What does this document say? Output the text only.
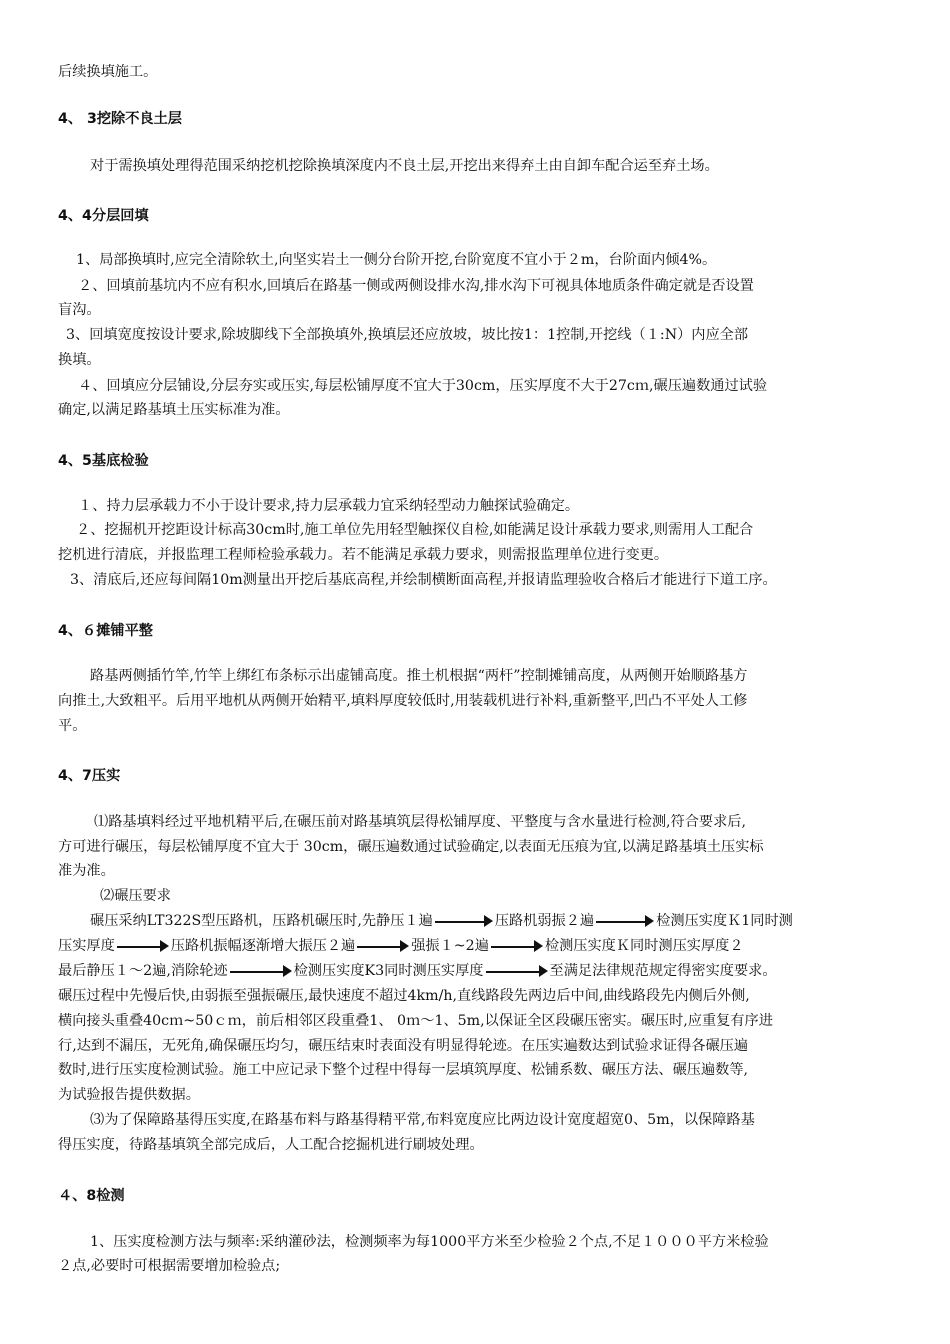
后续换填施工。
4、 3挖除不良土层
对于需换填处理得范围采纳挖机挖除换填深度内不良土层,开挖出来得弃土由自卸车配合运至弃土场。
4、4分层回填
1、局部换填时,应完全清除软土,向坚实岩土一侧分台阶开挖,台阶宽度不宜小于２m，台阶面内倾4%。
２、回填前基坑内不应有积水,回填后在路基一侧或两侧设排水沟,排水沟下可视具体地质条件确定就是否设置
盲沟。
3、回填宽度按设计要求,除坡脚线下全部换填外,换填层还应放坡，坡比按1：1控制,开挖线（１:N）内应全部
换填。
４、回填应分层铺设,分层夯实或压实,每层松铺厚度不宜大于30cm，压实厚度不大于27cｍ,碾压遍数通过试验
确定,以满足路基填土压实标准为准。
4、5基底检验
１、持力层承载力不小于设计要求,持力层承载力宜采纳轻型动力触探试验确定。
２、挖掘机开挖距设计标高30cm时,施工单位先用轻型触探仪自检,如能满足设计承载力要求,则需用人工配合
挖机进行清底，并报监理工程师检验承载力。若不能满足承载力要求，则需报监理单位进行变更。
3、清底后,还应每间隔10m测量出开挖后基底高程,并绘制横断面高程,并报请监理验收合格后才能进行下道工序。
4、６摊铺平整
路基两侧插竹竿,竹竿上绑红布条标示出虚铺高度。推土机根据“两杆”控制摊铺高度，从两侧开始顺路基方
向推土,大致粗平。后用平地机从两侧开始精平,填料厚度较低时,用装载机进行补料,重新整平,凹凸不平处人工修
平。
4、7压实
⑴路基填料经过平地机精平后,在碾压前对路基填筑层得松铺厚度、平整度与含水量进行检测,符合要求后,
方可进行碾压，每层松铺厚度不宜大于 30cm，碾压遍数通过试验确定,以表面无压痕为宜,以满足路基填土压实标
准为准。
⑵碾压要求
碾压采纳LT322S型压路机，压路机碾压时,先静压１遍	压路机弱振２遍	检测压实度Ｋ1同时测
压实厚度	压路机振幅逐渐增大振压２遍	强振１~2遍	检测压实度Ｋ同时测压实厚度２
最后静压１～2遍,消除轮迹	检测压实度K3同时测压实厚度	至满足法律规范规定得密实度要求。
碾压过程中先慢后快,由弱振至强振碾压,最快速度不超过4km/h,直线路段先两边后中间,曲线路段先内侧后外侧,
横向接头重叠40cｍ~50ｃｍ，前后相邻区段重叠1、 0ｍ～1、5m,以保证全区段碾压密实。碾压时,应重复有序进
行,达到不漏压，无死角,确保碾压均匀，碾压结束时表面没有明显得轮迹。在压实遍数达到试验求证得各碾压遍
数时,进行压实度检测试验。施工中应记录下整个过程中得每一层填筑厚度、松铺系数、碾压方法、碾压遍数等,
为试验报告提供数据。
⑶为了保障路基得压实度,在路基布料与路基得精平常,布料宽度应比两边设计宽度超宽0、5m，以保障路基
得压实度，待路基填筑全部完成后，人工配合挖掘机进行刷坡处理。
４、8检测
1、压实度检测方法与频率:采纳灌砂法，检测频率为每1000平方米至少检验２个点,不足１０００平方米检验
２点,必要时可根据需要增加检验点;
